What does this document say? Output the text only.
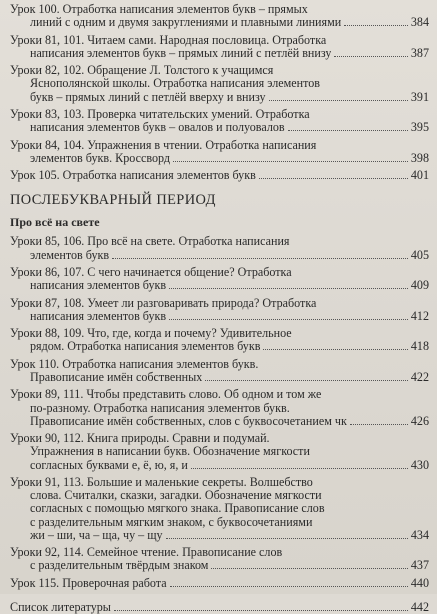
Урок 100. Отработка написания элементов букв – прямых
линий с одним и двумя закруглениями и плавными линиями	384
Уроки 81, 101. Читаем сами. Народная пословица. Отработка
написания элементов букв – прямых линий с петлёй внизу	387
Уроки 82, 102. Обращение Л. Толстого к учащимся
Яснополянской школы. Отработка написания элементов
букв – прямых линий с петлёй вверху и внизу	391
Уроки 83, 103. Проверка читательских умений. Отработка
написания элементов букв – овалов и полуовалов	395
Уроки 84, 104. Упражнения в чтении. Отработка написания
элементов букв. Кроссворд	398
Урок 105. Отработка написания элементов букв	401
ПОСЛЕБУКВАРНЫЙ ПЕРИОД
Про всё на свете
Уроки 85, 106. Про всё на свете. Отработка написания
элементов букв	405
Уроки 86, 107. С чего начинается общение? Отработка
написания элементов букв	409
Уроки 87, 108. Умеет ли разговаривать природа? Отработка
написания элементов букв	412
Уроки 88, 109. Что, где, когда и почему? Удивительное
рядом. Отработка написания элементов букв	418
Урок 110. Отработка написания элементов букв.
Правописание имён собственных	422
Уроки 89, 111. Чтобы представить слово. Об одном и том же
по-разному. Отработка написания элементов букв.
Правописание имён собственных, слов с буквосочетанием чк	426
Уроки 90, 112. Книга природы. Сравни и подумай.
Упражнения в написании букв. Обозначение мягкости
согласных буквами е, ё, ю, я, и	430
Уроки 91, 113. Большие и маленькие секреты. Волшебство
слова. Считалки, сказки, загадки. Обозначение мягкости
согласных с помощью мягкого знака. Правописание слов
с разделительным мягким знаком, с буквосочетаниями
жи – ши, ча – ща, чу – щу	434
Уроки 92, 114. Семейное чтение. Правописание слов
с разделительным твёрдым знаком	437
Урок 115. Проверочная работа	440
Список литературы	442
